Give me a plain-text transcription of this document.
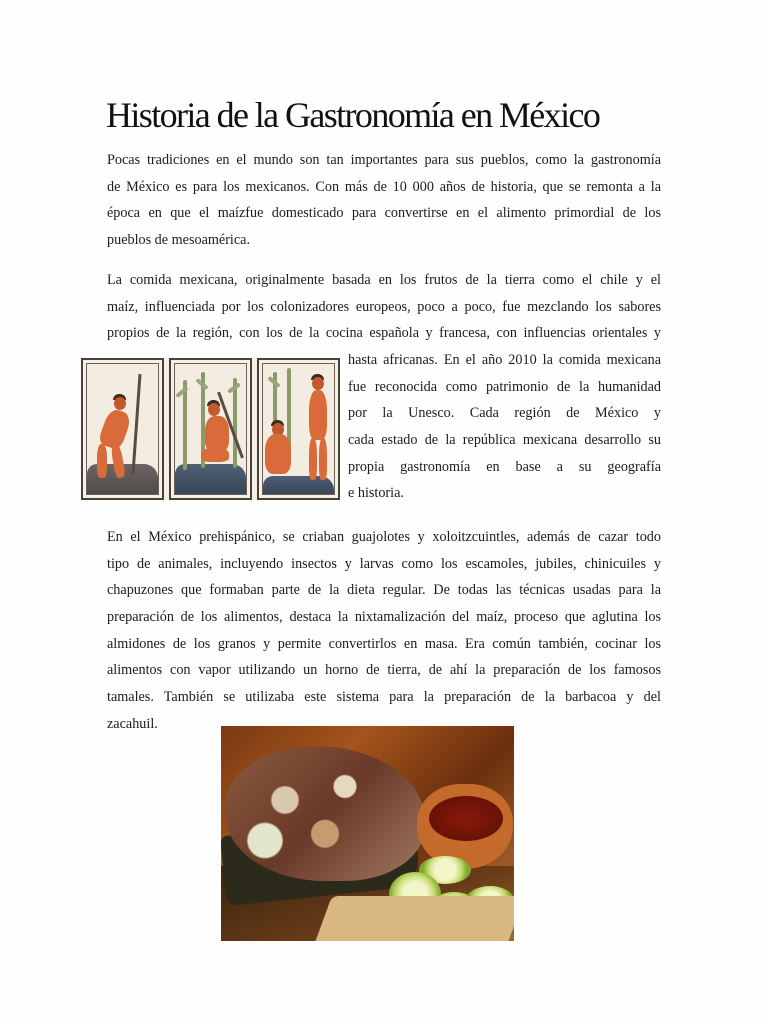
Historia de la Gastronomía en México
Pocas tradiciones en el mundo son tan importantes para sus pueblos, como la gastronomía
de México es para los mexicanos. Con más de 10 000 años de historia, que se remonta a la
época en que el maízfue domesticado para convertirse en el alimento primordial de los
pueblos de mesoamérica.
La comida mexicana, originalmente basada en los frutos de la tierra como el chile y el
maíz, influenciada por los colonizadores europeos, poco a poco, fue mezclando los sabores
propios de la región, con los de la cocina española y francesa, con influencias orientales y
hasta africanas. En el año 2010 la comida mexicana
fue reconocida como patrimonio de la humanidad
por la Unesco. Cada región de México y
cada estado de la república mexicana desarrollo su
propia gastronomía en base a su geografía
e historia.
En el México prehispánico, se criaban guajolotes y xoloitzcuintles, además de cazar todo
tipo de animales, incluyendo insectos y larvas como los escamoles, jubiles, chinicuiles y
chapuzones que formaban parte de la dieta regular. De todas las técnicas usadas para la
preparación de los alimentos, destaca la nixtamalización del maíz, proceso que aglutina los
almidones de los granos y permite convertirlos en masa. Era común también, cocinar los
alimentos con vapor utilizando un horno de tierra, de ahí la preparación de los famosos
tamales. También se utilizaba este sistema para la preparación de la barbacoa y del
zacahuil.
